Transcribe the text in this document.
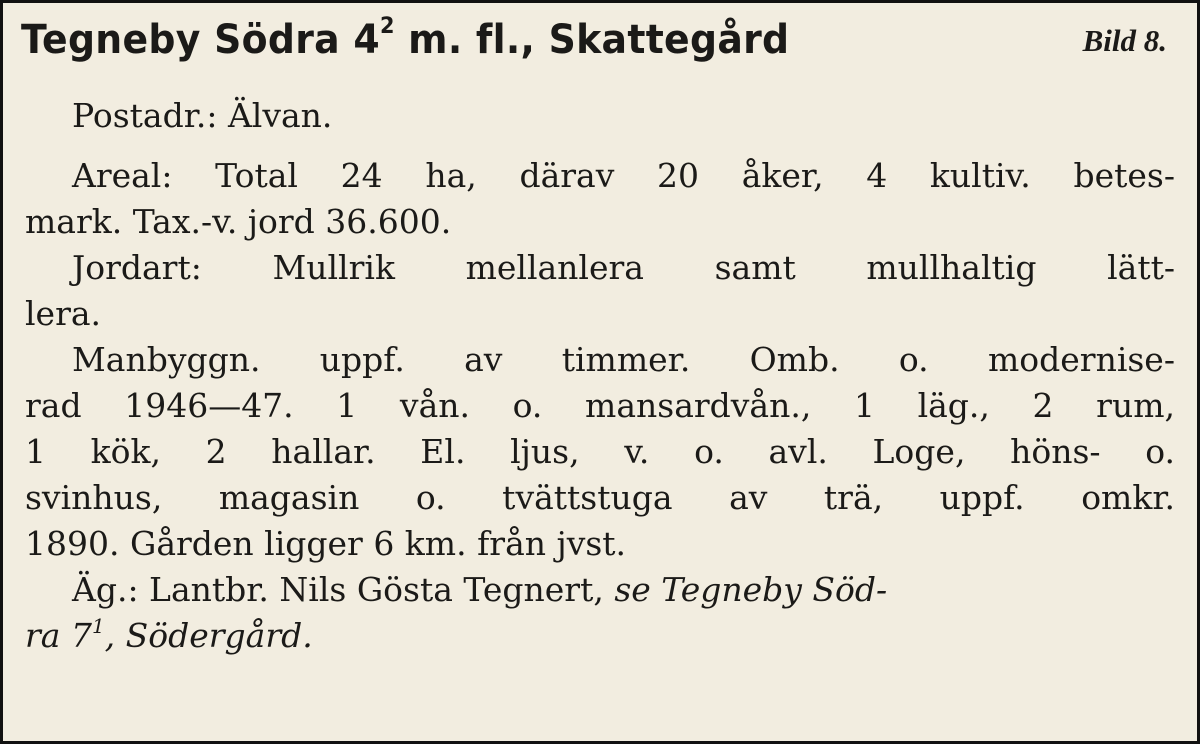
Tegneby Södra $4^2$ m. fl., Skattegård	Bild 8.
Postadr.: Älvan.
Areal: Total 24 ha, därav 20 åker, 4 kultiv. betes-
mark. Tax.-v. jord 36.600.
Jordart: Mullrik mellanlera samt mullhaltig lätt-
lera.
Manbyggn. uppf. av timmer. Omb. o. modernise-
rad 1946—47. 1 vån. o. mansardvån., 1 läg., 2 rum,
1 kök, 2 hallar. El. ljus, v. o. avl. Loge, höns- o.
svinhus, magasin o. tvättstuga av trä, uppf. omkr.
1890. Gården ligger 6 km. från jvst.
Äg.: Lantbr. Nils Gösta Tegnert, se Tegneby Söd-
ra $7^1$, Södergård.
